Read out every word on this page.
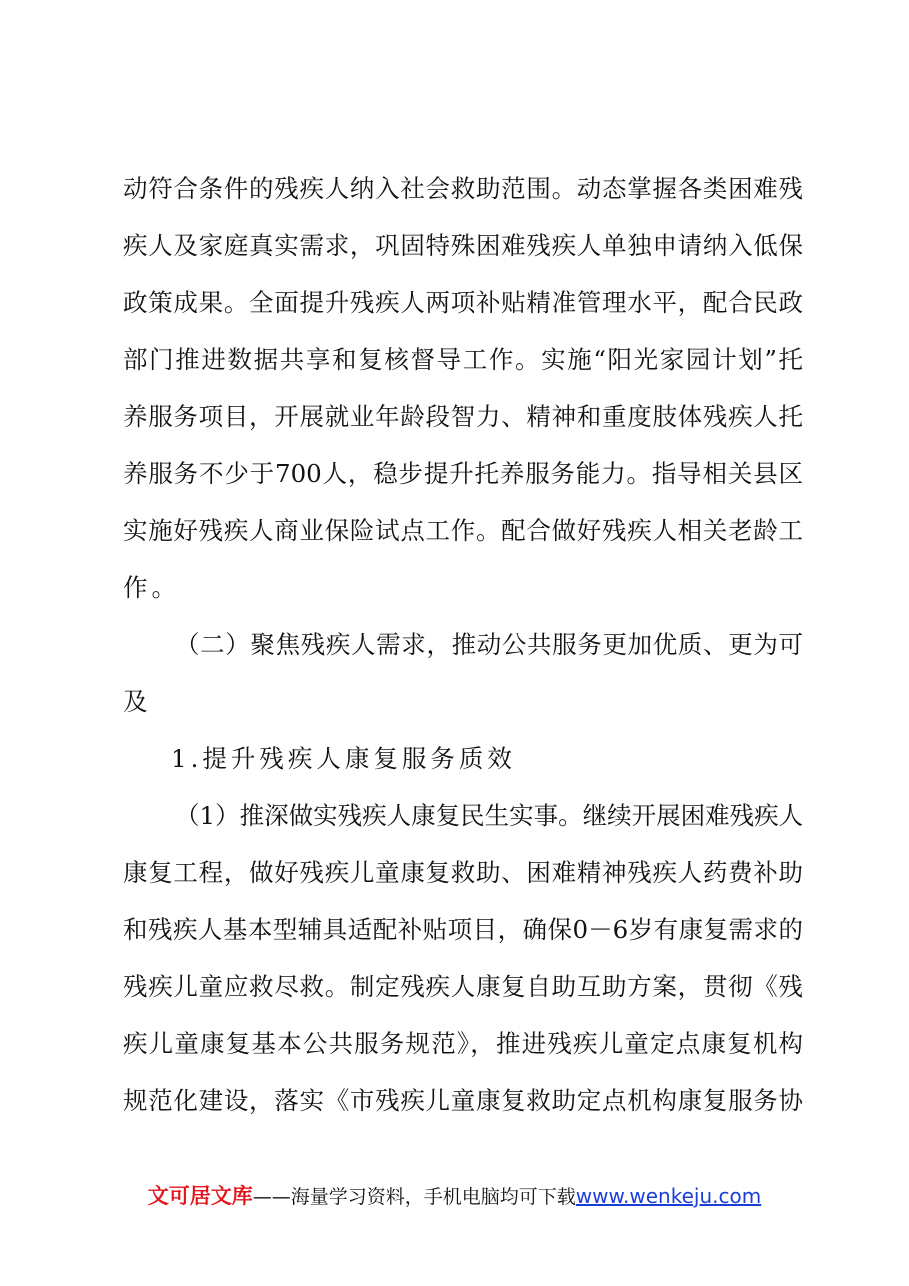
动符合条件的残疾人纳入社会救助范围。动态掌握各类困难残
疾人及家庭真实需求，巩固特殊困难残疾人单独申请纳入低保
政策成果。全面提升残疾人两项补贴精准管理水平，配合民政
部门推进数据共享和复核督导工作。实施“阳光家园计划”托
养服务项目，开展就业年龄段智力、精神和重度肢体残疾人托
养服务不少于700人，稳步提升托养服务能力。指导相关县区
实施好残疾人商业保险试点工作。配合做好残疾人相关老龄工
作。
（二）聚焦残疾人需求，推动公共服务更加优质、更为可
及
1.提升残疾人康复服务质效
（1）推深做实残疾人康复民生实事。继续开展困难残疾人
康复工程，做好残疾儿童康复救助、困难精神残疾人药费补助
和残疾人基本型辅具适配补贴项目，确保0－6岁有康复需求的
残疾儿童应救尽救。制定残疾人康复自助互助方案，贯彻《残
疾儿童康复基本公共服务规范》，推进残疾儿童定点康复机构
规范化建设，落实《市残疾儿童康复救助定点机构康复服务协
文可居文库——海量学习资料，手机电脑均可下载www.wenkeju.com
